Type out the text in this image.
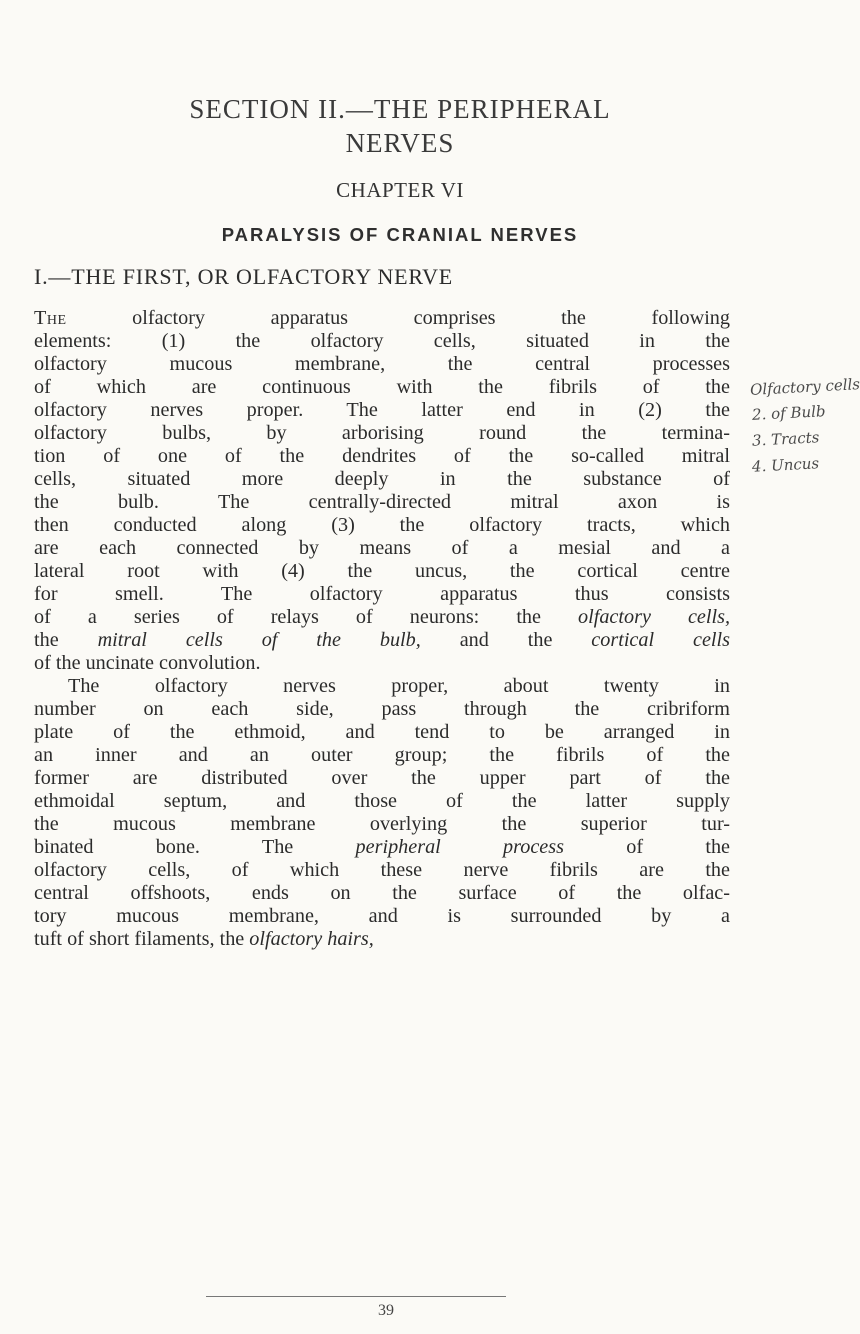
SECTION II.—THE PERIPHERAL
NERVES
CHAPTER VI
PARALYSIS OF CRANIAL NERVES
I.—THE FIRST, OR OLFACTORY NERVE
The olfactory apparatus comprises the following
elements: (1) the olfactory cells, situated in the
olfactory mucous membrane, the central processes
of which are continuous with the fibrils of the
olfactory nerves proper. The latter end in (2) the
olfactory bulbs, by arborising round the termina-
tion of one of the dendrites of the so-called mitral
cells, situated more deeply in the substance of
the bulb. The centrally-directed mitral axon is
then conducted along (3) the olfactory tracts, which
are each connected by means of a mesial and a
lateral root with (4) the uncus, the cortical centre
for smell. The olfactory apparatus thus consists
of a series of relays of neurons: the olfactory cells,
the mitral cells of the bulb, and the cortical cells
of the uncinate convolution.
The olfactory nerves proper, about twenty in
number on each side, pass through the cribriform
plate of the ethmoid, and tend to be arranged in
an inner and an outer group; the fibrils of the
former are distributed over the upper part of the
ethmoidal septum, and those of the latter supply
the mucous membrane overlying the superior tur-
binated bone. The peripheral process of the
olfactory cells, of which these nerve fibrils are the
central offshoots, ends on the surface of the olfac-
tory mucous membrane, and is surrounded by a
tuft of short filaments, the olfactory hairs,
Olfactory cells
2. of Bulb
3. Tracts
4. Uncus
39
